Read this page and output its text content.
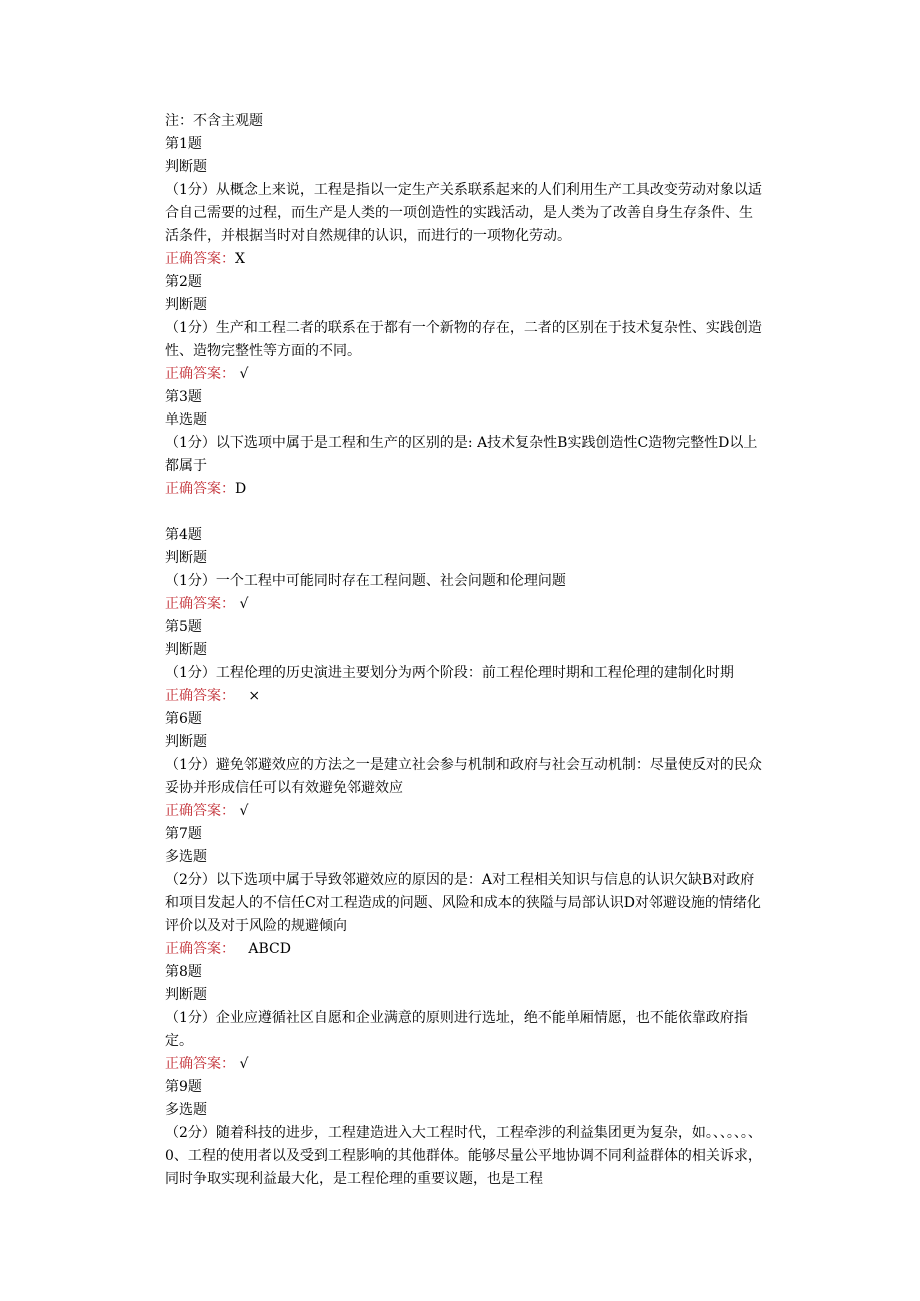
注：不含主观题
第1题
判断题
（1分）从概念上来说，工程是指以一定生产关系联系起来的人们利用生产工具改变劳动对象以适合自己需要的过程，而生产是人类的一项创造性的实践活动，是人类为了改善自身生存条件、生活条件，并根据当时对自然规律的认识，而进行的一项物化劳动。
正确答案：X
第2题
判断题
（1分）生产和工程二者的联系在于都有一个新物的存在，二者的区别在于技术复杂性、实践创造性、造物完整性等方面的不同。
正确答案： √
第3题
单选题
（1分）以下选项中属于是工程和生产的区别的是: A技术复杂性B实践创造性C造物完整性D以上都属于
正确答案：D
第4题
判断题
（1分）一个工程中可能同时存在工程问题、社会问题和伦理问题
正确答案： √
第5题
判断题
（1分）工程伦理的历史演进主要划分为两个阶段：前工程伦理时期和工程伦理的建制化时期
正确答案：   ×
第6题
判断题
（1分）避免邻避效应的方法之一是建立社会参与机制和政府与社会互动机制：尽量使反对的民众妥协并形成信任可以有效避免邻避效应
正确答案： √
第7题
多选题
（2分）以下选项中属于导致邻避效应的原因的是：A对工程相关知识与信息的认识欠缺B对政府和项目发起人的不信任C对工程造成的问题、风险和成本的狭隘与局部认识D对邻避设施的情绪化评价以及对于风险的规避倾向
正确答案：   ABCD
第8题
判断题
（1分）企业应遵循社区自愿和企业满意的原则进行选址，绝不能单厢情愿，也不能依靠政府指定。
正确答案： √
第9题
多选题
（2分）随着科技的进步，工程建造进入大工程时代，工程牵涉的利益集团更为复杂，如。、、。、。、0、工程的使用者以及受到工程影响的其他群体。能够尽量公平地协调不同利益群体的相关诉求，同时争取实现利益最大化，是工程伦理的重要议题，也是工程
